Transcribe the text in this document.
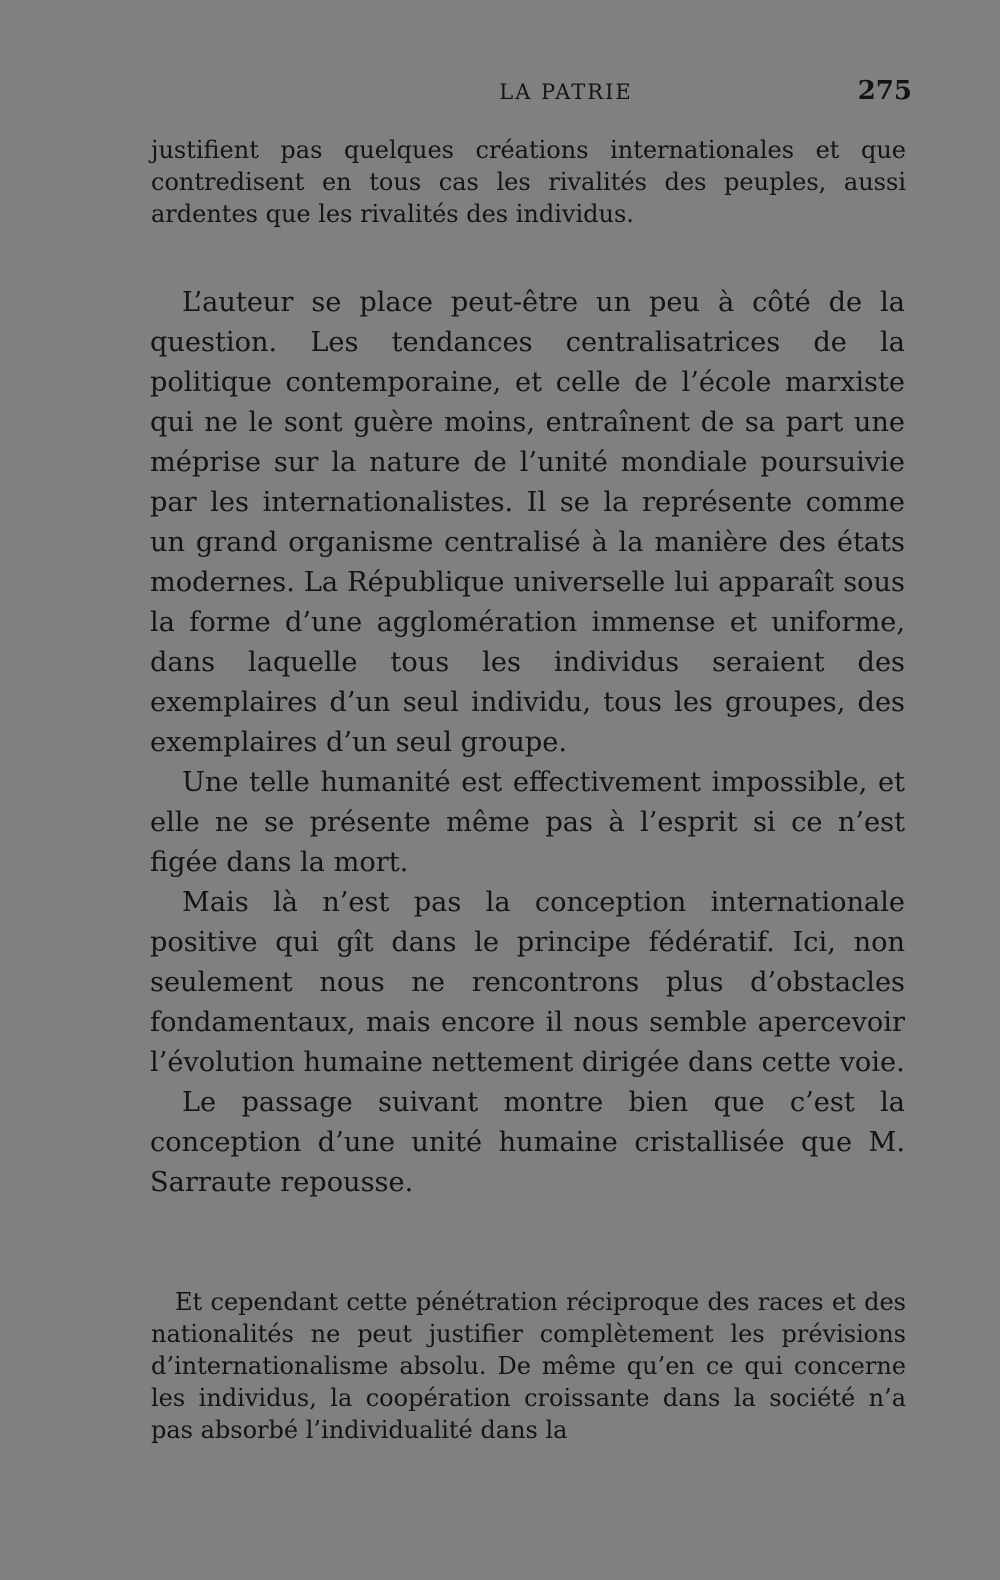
LA PATRIE	275

justifient pas quelques créations internationales et que contredisent en tous cas les rivalités des peuples, aussi ardentes que les rivalités des individus.

L’auteur se place peut-être un peu à côté de la question. Les tendances centralisatrices de la politique contemporaine, et celle de l’école marxiste qui ne le sont guère moins, entraînent de sa part une méprise sur la nature de l’unité mondiale poursuivie par les internationalistes. Il se la représente comme un grand organisme centralisé à la manière des états modernes. La République universelle lui apparaît sous la forme d’une agglomération immense et uniforme, dans laquelle tous les individus seraient des exemplaires d’un seul individu, tous les groupes, des exemplaires d’un seul groupe.

Une telle humanité est effectivement impossible, et elle ne se présente même pas à l’esprit si ce n’est figée dans la mort.

Mais là n’est pas la conception internationale positive qui gît dans le principe fédératif. Ici, non seulement nous ne rencontrons plus d’obstacles fondamentaux, mais encore il nous semble apercevoir l’évolution humaine nettement dirigée dans cette voie.

Le passage suivant montre bien que c’est la conception d’une unité humaine cristallisée que M. Sarraute repousse.

Et cependant cette pénétration réciproque des races et des nationalités ne peut justifier complètement les prévisions d’internationalisme absolu. De même qu’en ce qui concerne les individus, la coopération croissante dans la société n’a pas absorbé l’individualité dans la
